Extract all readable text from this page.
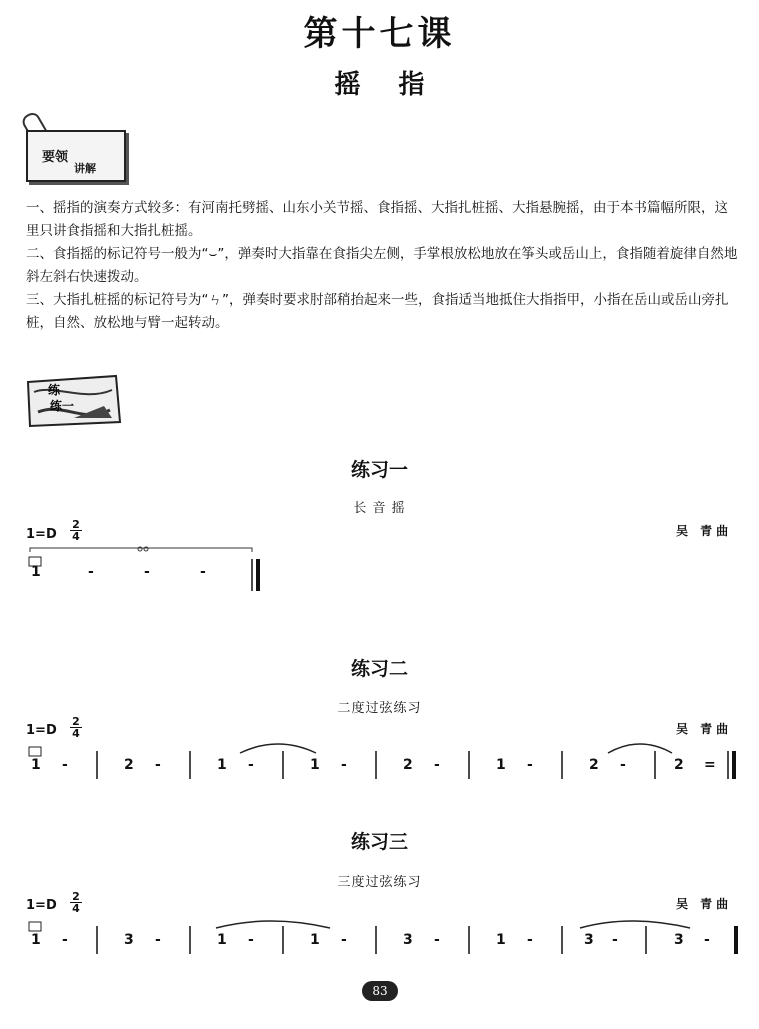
第十七课
摇指
要领
讲解
一、摇指的演奏方式较多：有河南托劈摇、山东小关节摇、食指摇、大指扎桩摇、大指悬腕摇，由于本书篇幅所限，这里只讲食指摇和大指扎桩摇。
二、食指摇的标记符号一般为“⌣”，弹奏时大指靠在食指尖左侧，手掌根放松地放在筝头或岳山上，食指随着旋律自然地斜左斜右快速拨动。
三、大指扎桩摇的标记符号为“ㄣ”，弹奏时要求肘部稍抬起来一些，食指适当地抵住大指指甲，小指在岳山或岳山旁扎桩，自然、放松地与臂一起转动。
练
练一
练习一
长 音 摇
1=D
2
4	吴 青曲
1	-	-	-
练习二
二度过弦练习
1=D
2
4	吴 青曲
1 -	2 -	1 -	1 -	2 -	1 -	2 -	2 =
练习三
三度过弦练习
1=D
2
4	吴 青曲
1 -	3 -	1 -	1 -	3 -	1 -	3 -	3 -
83
